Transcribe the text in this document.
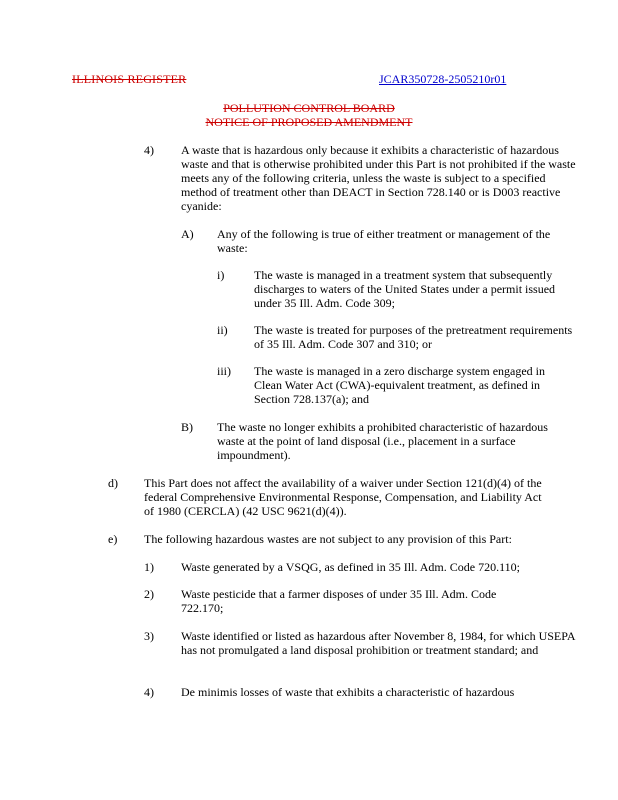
ILLINOIS REGISTER	JCAR350728-2505210r01
POLLUTION CONTROL BOARD
NOTICE OF PROPOSED AMENDMENT
4) A waste that is hazardous only because it exhibits a characteristic of hazardous waste and that is otherwise prohibited under this Part is not prohibited if the waste meets any of the following criteria, unless the waste is subject to a specified method of treatment other than DEACT in Section 728.140 or is D003 reactive cyanide:
A) Any of the following is true of either treatment or management of the waste:
i) The waste is managed in a treatment system that subsequently discharges to waters of the United States under a permit issued under 35 Ill. Adm. Code 309;
ii) The waste is treated for purposes of the pretreatment requirements of 35 Ill. Adm. Code 307 and 310; or
iii) The waste is managed in a zero discharge system engaged in Clean Water Act (CWA)-equivalent treatment, as defined in Section 728.137(a); and
B) The waste no longer exhibits a prohibited characteristic of hazardous waste at the point of land disposal (i.e., placement in a surface impoundment).
d) This Part does not affect the availability of a waiver under Section 121(d)(4) of the federal Comprehensive Environmental Response, Compensation, and Liability Act of 1980 (CERCLA) (42 USC 9621(d)(4)).
e) The following hazardous wastes are not subject to any provision of this Part:
1) Waste generated by a VSQG, as defined in 35 Ill. Adm. Code 720.110;
2) Waste pesticide that a farmer disposes of under 35 Ill. Adm. Code 722.170;
3) Waste identified or listed as hazardous after November 8, 1984, for which USEPA has not promulgated a land disposal prohibition or treatment standard; and
4) De minimis losses of waste that exhibits a characteristic of hazardous
